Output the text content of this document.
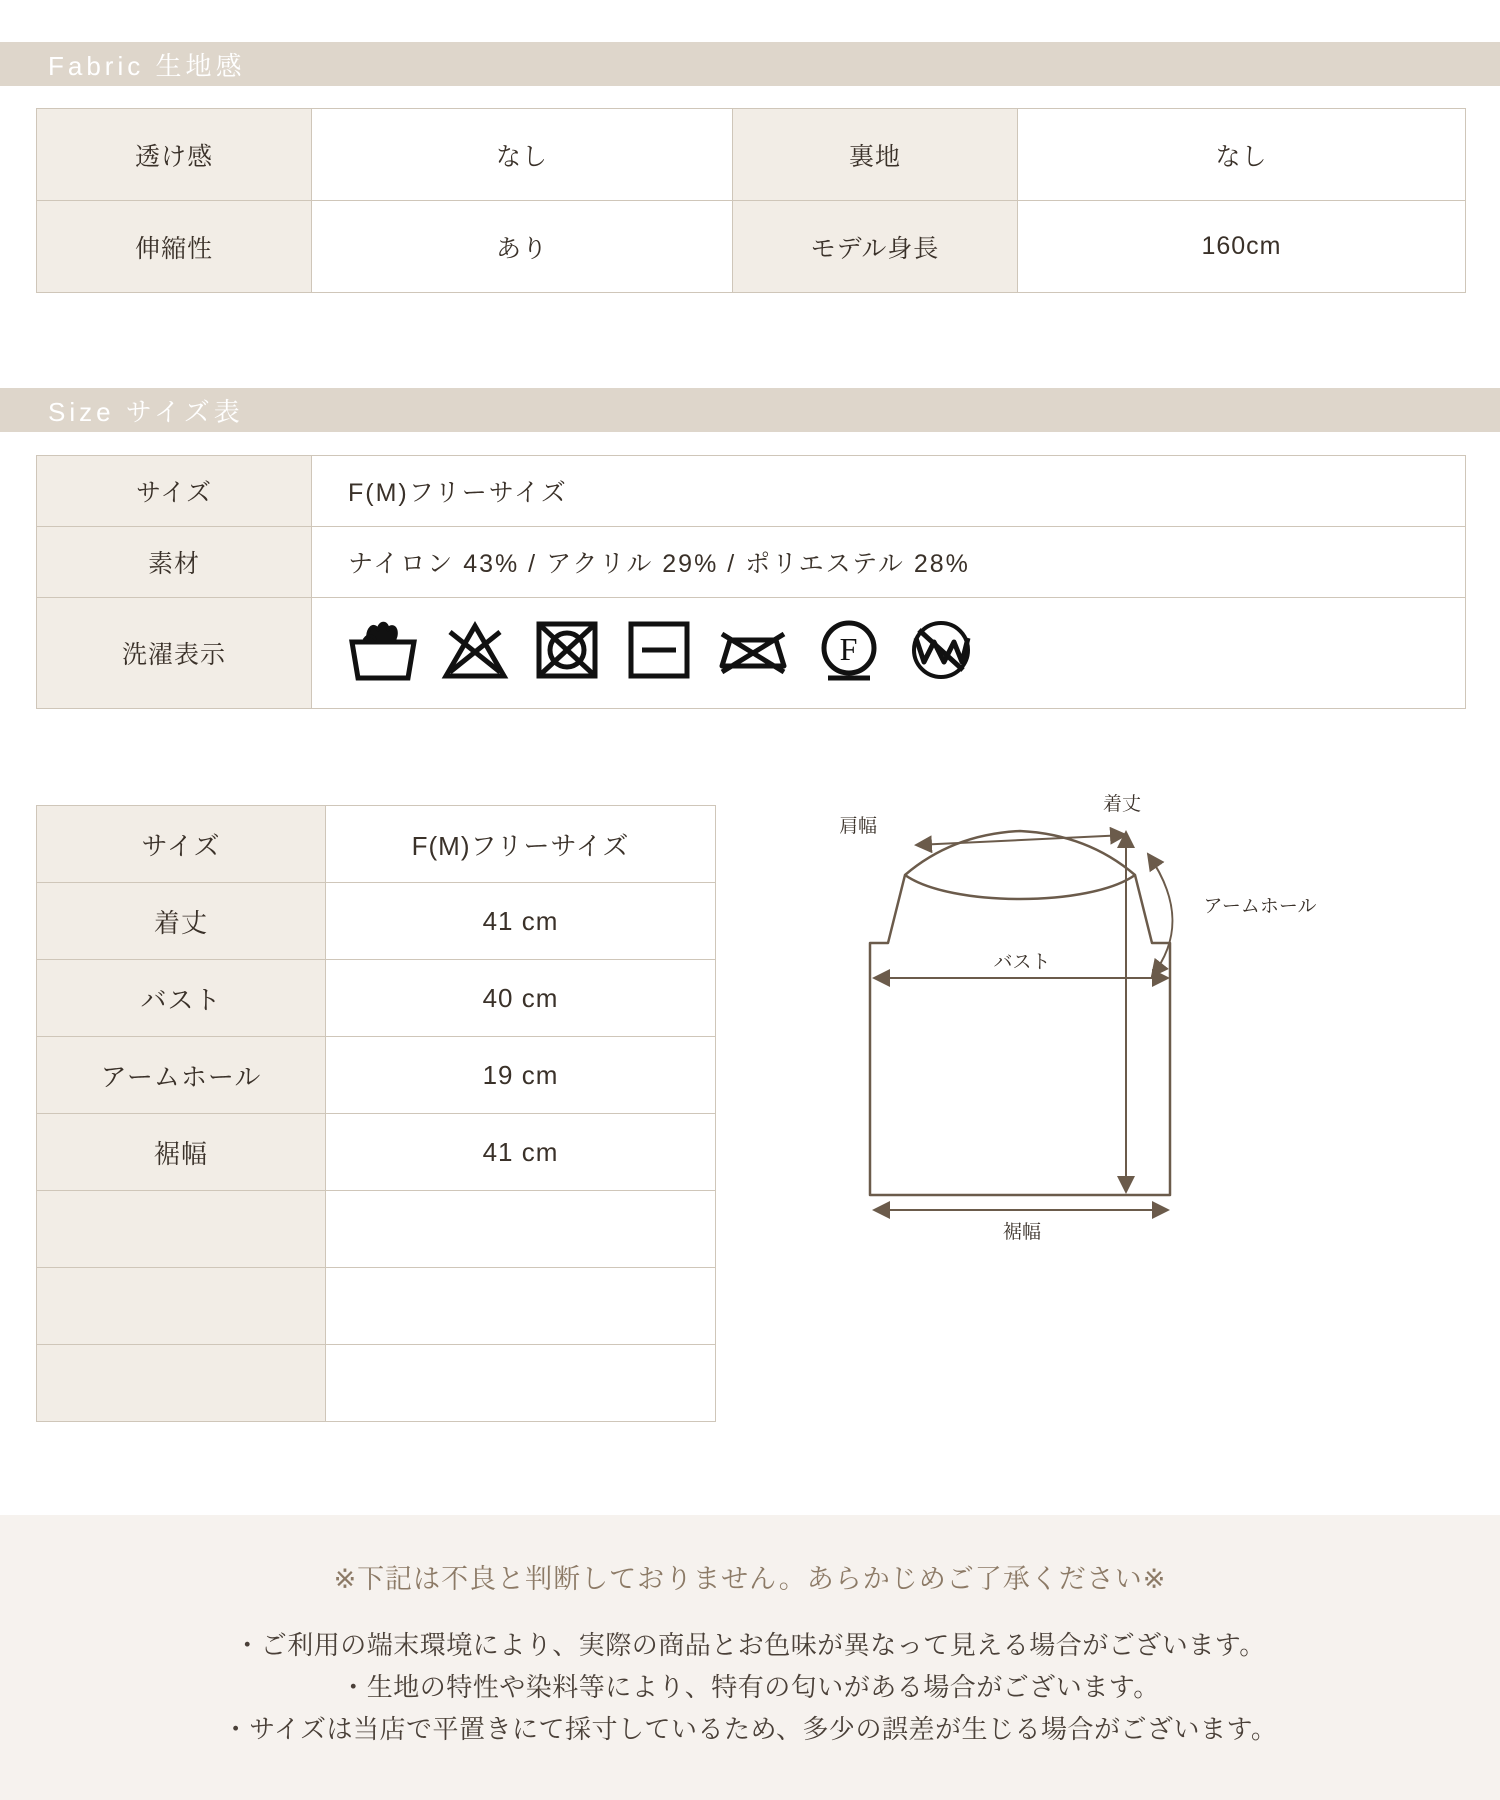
Fabric 生地感
透け感	なし	裏地	なし
伸縮性	あり	モデル身長	160cm
Size サイズ表
サイズ	F(M)フリーサイズ
素材	ナイロン 43% / アクリル 29% / ポリエステル 28%
洗濯表示	F
サイズ	F(M)フリーサイズ
着丈	41 cm
バスト	40 cm
アームホール	19 cm
裾幅	41 cm

肩幅
着丈
アームホール
バスト
裾幅
※下記は不良と判断しておりません。あらかじめご了承ください※
・ご利用の端末環境により、実際の商品とお色味が異なって見える場合がございます。
・生地の特性や染料等により、特有の匂いがある場合がございます。
・サイズは当店で平置きにて採寸しているため、多少の誤差が生じる場合がございます。
